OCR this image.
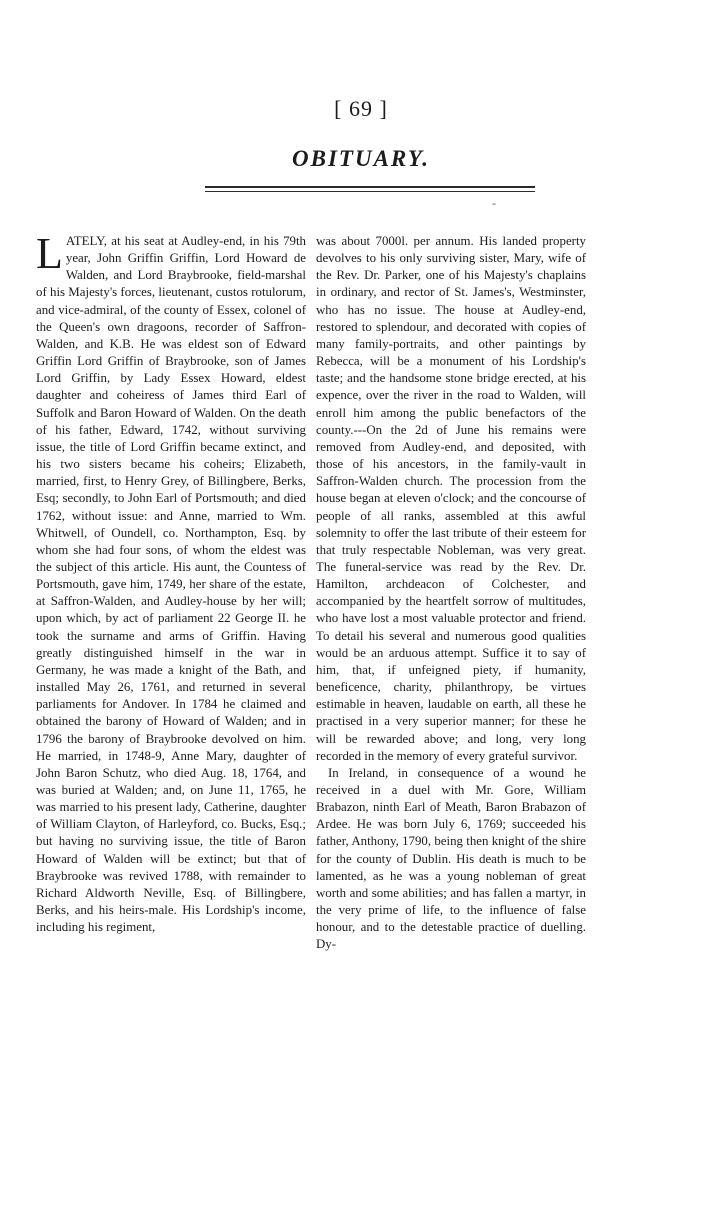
[ 69 ]
OBITUARY.
‑

LATELY, at his seat at Audley-end, in his 79th year, John Griffin Griffin, Lord Howard de Walden, and Lord Braybrooke, field-marshal of his Majesty's forces, lieutenant, custos rotulorum, and vice-admiral, of the county of Essex, colonel of the Queen's own dragoons, recorder of Saffron-Walden, and K.B. He was eldest son of Edward Griffin Lord Griffin of Braybrooke, son of James Lord Griffin, by Lady Essex Howard, eldest daughter and coheiress of James third Earl of Suffolk and Baron Howard of Walden. On the death of his father, Edward, 1742, without surviving issue, the title of Lord Griffin became extinct, and his two sisters became his coheirs; Elizabeth, married, first, to Henry Grey, of Billingbere, Berks, Esq; secondly, to John Earl of Portsmouth; and died 1762, without issue: and Anne, married to Wm. Whitwell, of Oundell, co. Northampton, Esq. by whom she had four sons, of whom the eldest was the subject of this article. His aunt, the Countess of Portsmouth, gave him, 1749, her share of the estate, at Saffron-Walden, and Audley-house by her will; upon which, by act of parliament 22 George II. he took the surname and arms of Griffin. Having greatly distinguished himself in the war in Germany, he was made a knight of the Bath, and installed May 26, 1761, and returned in several parliaments for Andover. In 1784 he claimed and obtained the barony of Howard of Walden; and in 1796 the barony of Braybrooke devolved on him. He married, in 1748-9, Anne Mary, daughter of John Baron Schutz, who died Aug. 18, 1764, and was buried at Walden; and, on June 11, 1765, he was married to his present lady, Catherine, daughter of William Clayton, of Harleyford, co. Bucks, Esq.; but having no surviving issue, the title of Baron Howard of Walden will be extinct; but that of Braybrooke was revived 1788, with remainder to Richard Aldworth Neville, Esq. of Billingbere, Berks, and his heirs-male. His Lordship's income, including his regiment,

was about 7000l. per annum. His landed property devolves to his only surviving sister, Mary, wife of the Rev. Dr. Parker, one of his Majesty's chaplains in ordinary, and rector of St. James's, Westminster, who has no issue. The house at Audley-end, restored to splendour, and decorated with copies of many family-portraits, and other paintings by Rebecca, will be a monument of his Lordship's taste; and the handsome stone bridge erected, at his expence, over the river in the road to Walden, will enroll him among the public benefactors of the county.---On the 2d of June his remains were removed from Audley-end, and deposited, with those of his ancestors, in the family-vault in Saffron-Walden church. The procession from the house began at eleven o'clock; and the concourse of people of all ranks, assembled at this awful solemnity to offer the last tribute of their esteem for that truly respectable Nobleman, was very great. The funeral-service was read by the Rev. Dr. Hamilton, archdeacon of Colchester, and accompanied by the heartfelt sorrow of multitudes, who have lost a most valuable protector and friend. To detail his several and numerous good qualities would be an arduous attempt. Suffice it to say of him, that, if unfeigned piety, if humanity, beneficence, charity, philanthropy, be virtues estimable in heaven, laudable on earth, all these he practised in a very superior manner; for these he will be rewarded above; and long, very long recorded in the memory of every grateful survivor.

In Ireland, in consequence of a wound he received in a duel with Mr. Gore, William Brabazon, ninth Earl of Meath, Baron Brabazon of Ardee. He was born July 6, 1769; succeeded his father, Anthony, 1790, being then knight of the shire for the county of Dublin. His death is much to be lamented, as he was a young nobleman of great worth and some abilities; and has fallen a martyr, in the very prime of life, to the influence of false honour, and to the detestable practice of duelling. Dy-
